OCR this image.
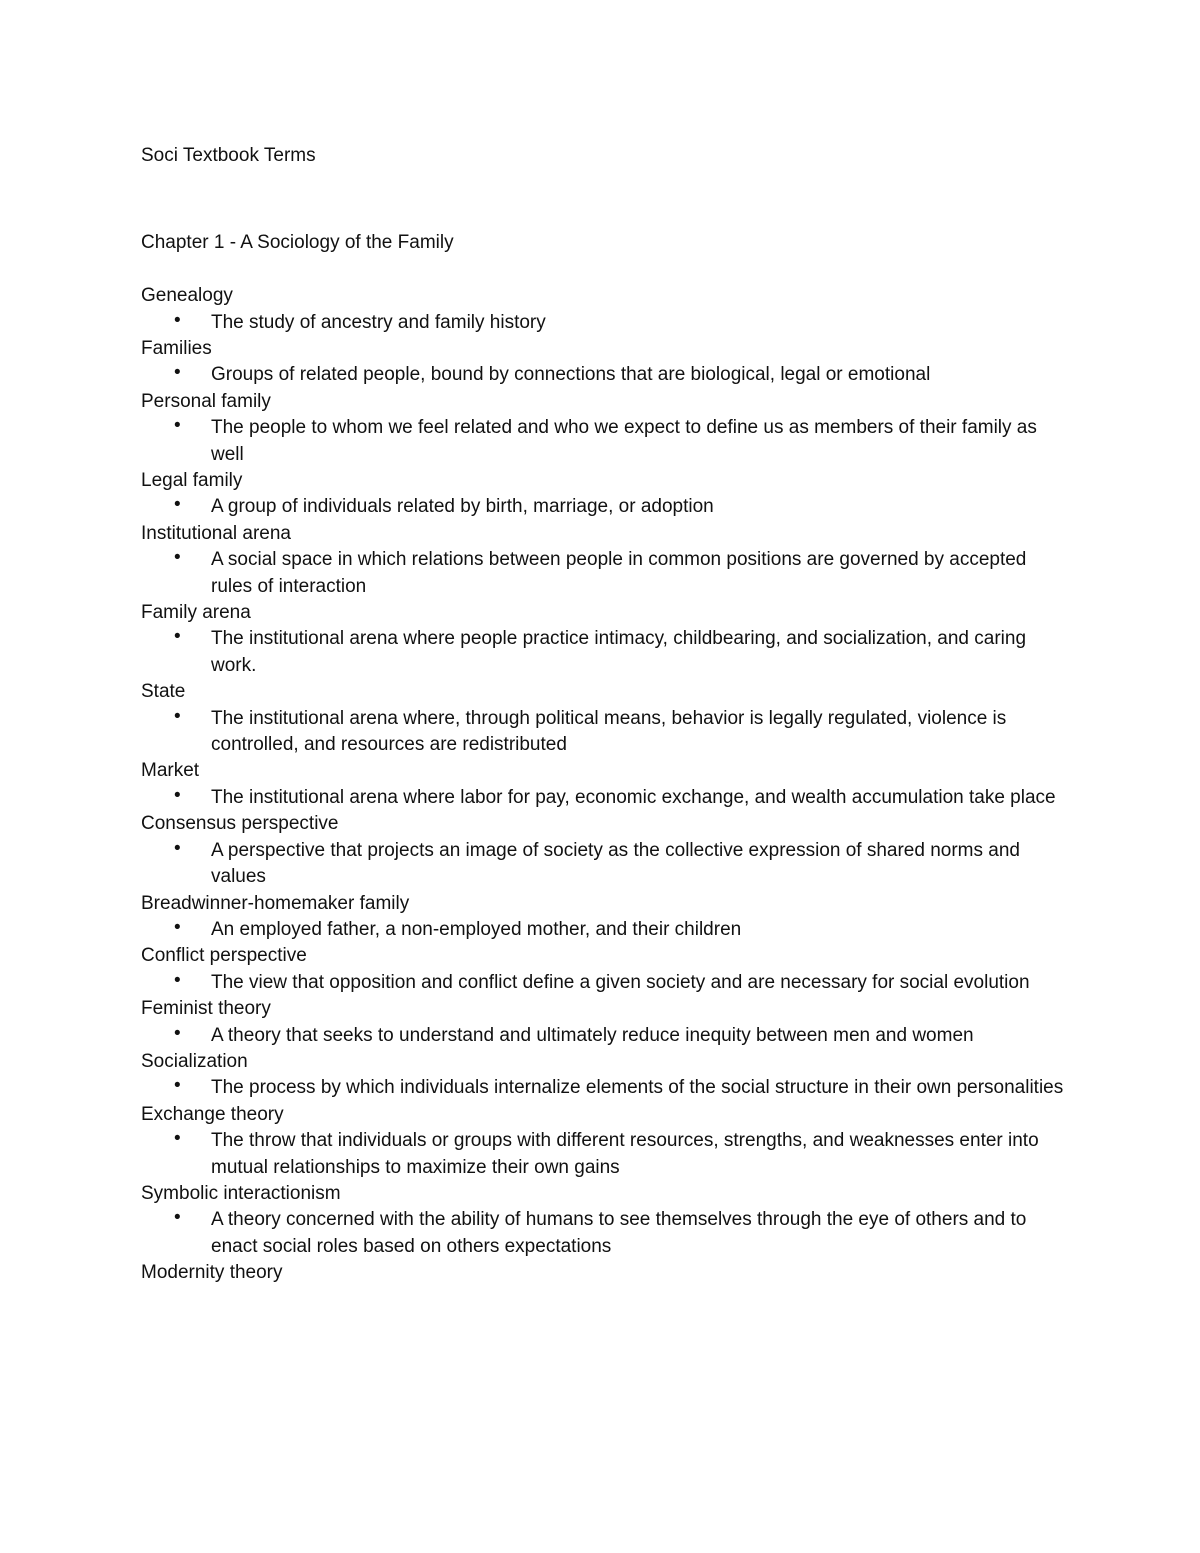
Soci Textbook Terms
Chapter 1 - A Sociology of the Family
Genealogy
• The study of ancestry and family history
Families
• Groups of related people, bound by connections that are biological, legal or emotional
Personal family
• The people to whom we feel related and who we expect to define us as members of their family as well
Legal family
• A group of individuals related by birth, marriage, or adoption
Institutional arena
• A social space in which relations between people in common positions are governed by accepted rules of interaction
Family arena
• The institutional arena where people practice intimacy, childbearing, and socialization, and caring work.
State
• The institutional arena where, through political means, behavior is legally regulated, violence is controlled, and resources are redistributed
Market
• The institutional arena where labor for pay, economic exchange, and wealth accumulation take place
Consensus perspective
• A perspective that projects an image of society as the collective expression of shared norms and values
Breadwinner-homemaker family
• An employed father, a non-employed mother, and their children
Conflict perspective
• The view that opposition and conflict define a given society and are necessary for social evolution
Feminist theory
• A theory that seeks to understand and ultimately reduce inequity between men and women
Socialization
• The process by which individuals internalize elements of the social structure in their own personalities
Exchange theory
• The throw that individuals or groups with different resources, strengths, and weaknesses enter into mutual relationships to maximize their own gains
Symbolic interactionism
• A theory concerned with the ability of humans to see themselves through the eye of others and to enact social roles based on others expectations
Modernity theory
